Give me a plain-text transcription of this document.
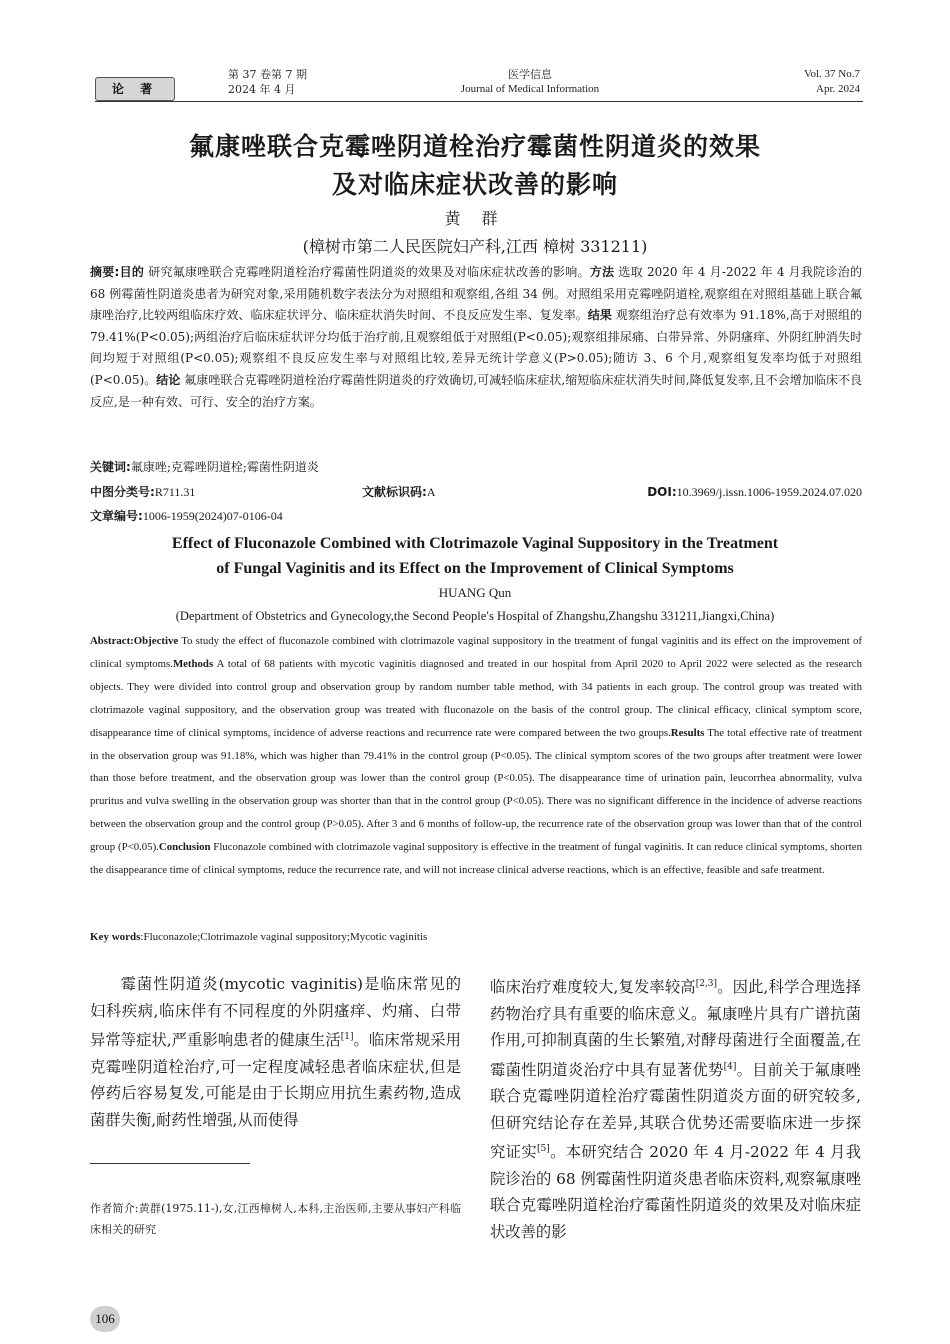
论 著
第 37 卷第 7 期
2024 年 4 月
医学信息
Journal of Medical Information
Vol. 37 No.7
Apr. 2024
氟康唑联合克霉唑阴道栓治疗霉菌性阴道炎的效果
及对临床症状改善的影响
黄 群
(樟树市第二人民医院妇产科,江西 樟树 331211)
摘要:目的 研究氟康唑联合克霉唑阴道栓治疗霉菌性阴道炎的效果及对临床症状改善的影响。方法 选取 2020 年 4 月-2022 年 4 月我院诊治的 68 例霉菌性阴道炎患者为研究对象,采用随机数字表法分为对照组和观察组,各组 34 例。对照组采用克霉唑阴道栓,观察组在对照组基础上联合氟康唑治疗,比较两组临床疗效、临床症状评分、临床症状消失时间、不良反应发生率、复发率。结果 观察组治疗总有效率为 91.18%,高于对照组的 79.41%(P<0.05);两组治疗后临床症状评分均低于治疗前,且观察组低于对照组(P<0.05);观察组排尿痛、白带异常、外阴瘙痒、外阴红肿消失时间均短于对照组(P<0.05);观察组不良反应发生率与对照组比较,差异无统计学意义(P>0.05);随访 3、6 个月,观察组复发率均低于对照组(P<0.05)。结论 氟康唑联合克霉唑阴道栓治疗霉菌性阴道炎的疗效确切,可减轻临床症状,缩短临床症状消失时间,降低复发率,且不会增加临床不良反应,是一种有效、可行、安全的治疗方案。
关键词:氟康唑;克霉唑阴道栓;霉菌性阴道炎
中图分类号:R711.31	文献标识码:A	DOI:10.3969/j.issn.1006-1959.2024.07.020
文章编号:1006-1959(2024)07-0106-04
Effect of Fluconazole Combined with Clotrimazole Vaginal Suppository in the Treatment
of Fungal Vaginitis and its Effect on the Improvement of Clinical Symptoms
HUANG Qun
(Department of Obstetrics and Gynecology,the Second People′s Hospital of Zhangshu,Zhangshu 331211,Jiangxi,China)
Abstract:Objective To study the effect of fluconazole combined with clotrimazole vaginal suppository in the treatment of fungal vaginitis and its effect on the improvement of clinical symptoms.Methods A total of 68 patients with mycotic vaginitis diagnosed and treated in our hospital from April 2020 to April 2022 were selected as the research objects. They were divided into control group and observation group by random number table method, with 34 patients in each group. The control group was treated with clotrimazole vaginal suppository, and the observation group was treated with fluconazole on the basis of the control group. The clinical efficacy, clinical symptom score, disappearance time of clinical symptoms, incidence of adverse reactions and recurrence rate were compared between the two groups.Results The total effective rate of treatment in the observation group was 91.18%, which was higher than 79.41% in the control group (P<0.05). The clinical symptom scores of the two groups after treatment were lower than those before treatment, and the observation group was lower than the control group (P<0.05). The disappearance time of urination pain, leucorrhea abnormality, vulva pruritus and vulva swelling in the observation group was shorter than that in the control group (P<0.05). There was no significant difference in the incidence of adverse reactions between the observation group and the control group (P>0.05). After 3 and 6 months of follow-up, the recurrence rate of the observation group was lower than that of the control group (P<0.05).Conclusion Fluconazole combined with clotrimazole vaginal suppository is effective in the treatment of fungal vaginitis. It can reduce clinical symptoms, shorten the disappearance time of clinical symptoms, reduce the recurrence rate, and will not increase clinical adverse reactions, which is an effective, feasible and safe treatment.
Key words:Fluconazole;Clotrimazole vaginal suppository;Mycotic vaginitis
霉菌性阴道炎(mycotic vaginitis)是临床常见的妇科疾病,临床伴有不同程度的外阴瘙痒、灼痛、白带异常等症状,严重影响患者的健康生活[1]。临床常规采用克霉唑阴道栓治疗,可一定程度减轻患者临床症状,但是停药后容易复发,可能是由于长期应用抗生素药物,造成菌群失衡,耐药性增强,从而使得
临床治疗难度较大,复发率较高[2,3]。因此,科学合理选择药物治疗具有重要的临床意义。氟康唑片具有广谱抗菌作用,可抑制真菌的生长繁殖,对酵母菌进行全面覆盖,在霉菌性阴道炎治疗中具有显著优势[4]。目前关于氟康唑联合克霉唑阴道栓治疗霉菌性阴道炎方面的研究较多,但研究结论存在差异,其联合优势还需要临床进一步探究证实[5]。本研究结合 2020 年 4 月-2022 年 4 月我院诊治的 68 例霉菌性阴道炎患者临床资料,观察氟康唑联合克霉唑阴道栓治疗霉菌性阴道炎的效果及对临床症状改善的影
作者简介:黄群(1975.11-),女,江西樟树人,本科,主治医师,主要从事妇产科临床相关的研究
106
